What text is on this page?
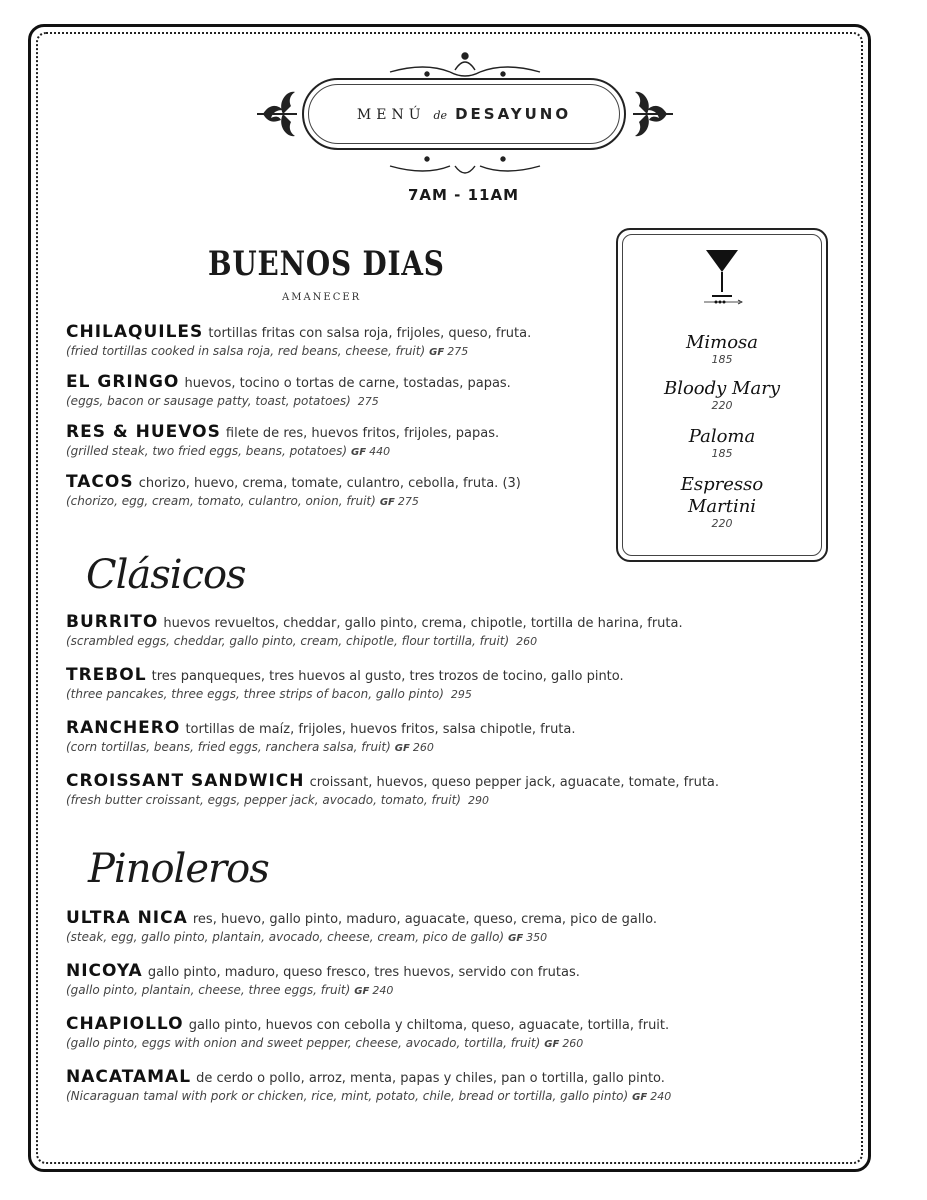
MENÚ de DESAYUNO
7AM - 11AM
BUENOS DIAS
AMANECER
CHILAQUILES tortillas fritas con salsa roja, frijoles, queso, fruta.
(fried tortillas cooked in salsa roja, red beans, cheese, fruit) GF 275
EL GRINGO huevos, tocino o tortas de carne, tostadas, papas.
(eggs, bacon or sausage patty, toast, potatoes) 275
RES & HUEVOS filete de res, huevos fritos, frijoles, papas.
(grilled steak, two fried eggs, beans, potatoes) GF 440
TACOS chorizo, huevo, crema, tomate, culantro, cebolla, fruta. (3)
(chorizo, egg, cream, tomato, culantro, onion, fruit) GF 275
Mimosa
185
Bloody Mary
220
Paloma
185
Espresso Martini
220
Clásicos
BURRITO huevos revueltos, cheddar, gallo pinto, crema, chipotle, tortilla de harina, fruta.
(scrambled eggs, cheddar, gallo pinto, cream, chipotle, flour tortilla, fruit) 260
TREBOL tres panqueques, tres huevos al gusto, tres trozos de tocino, gallo pinto.
(three pancakes, three eggs, three strips of bacon, gallo pinto) 295
RANCHERO tortillas de maíz, frijoles, huevos fritos, salsa chipotle, fruta.
(corn tortillas, beans, fried eggs, ranchera salsa, fruit) GF 260
CROISSANT SANDWICH croissant, huevos, queso pepper jack, aguacate, tomate, fruta.
(fresh butter croissant, eggs, pepper jack, avocado, tomato, fruit) 290
Pinoleros
ULTRA NICA res, huevo, gallo pinto, maduro, aguacate, queso, crema, pico de gallo.
(steak, egg, gallo pinto, plantain, avocado, cheese, cream, pico de gallo) GF 350
NICOYA gallo pinto, maduro, queso fresco, tres huevos, servido con frutas.
(gallo pinto, plantain, cheese, three eggs, fruit) GF 240
CHAPIOLLO gallo pinto, huevos con cebolla y chiltoma, queso, aguacate, tortilla, fruit.
(gallo pinto, eggs with onion and sweet pepper, cheese, avocado, tortilla, fruit) GF 260
NACATAMAL de cerdo o pollo, arroz, menta, papas y chiles, pan o tortilla, gallo pinto.
(Nicaraguan tamal with pork or chicken, rice, mint, potato, chile, bread or tortilla, gallo pinto) GF 240
